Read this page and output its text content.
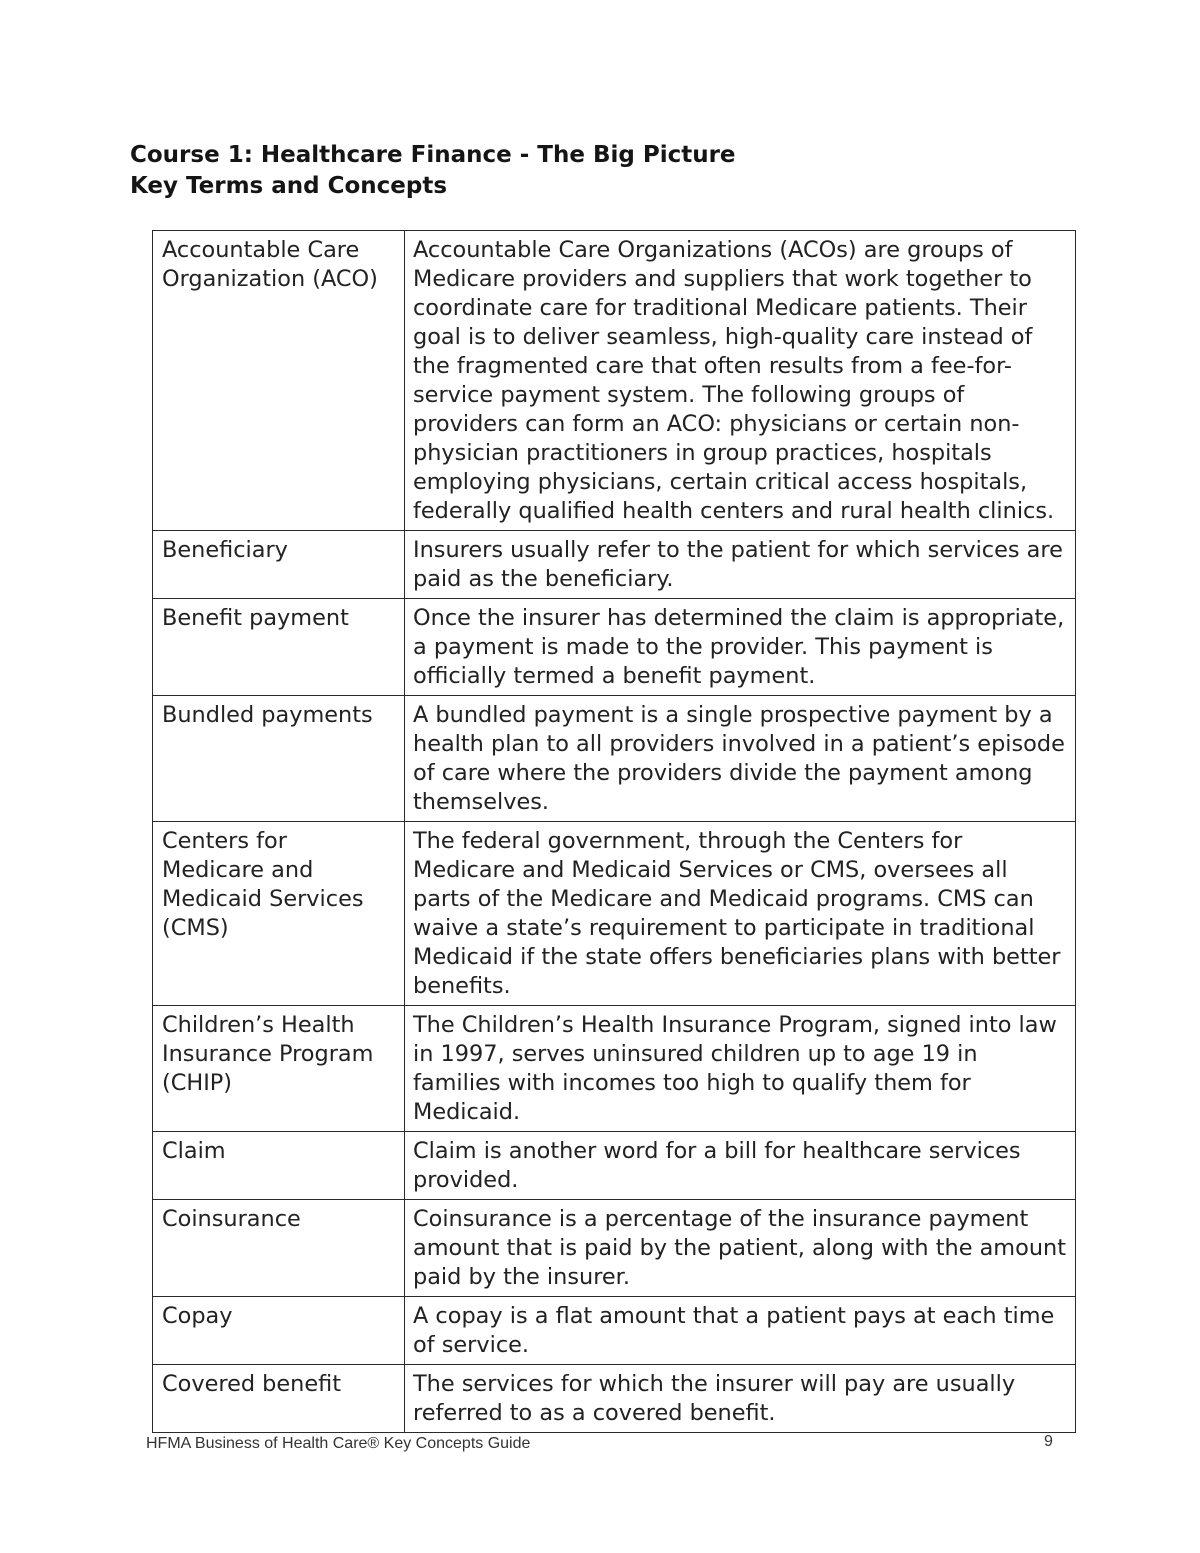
Course 1: Healthcare Finance - The Big Picture
Key Terms and Concepts
Accountable Care Organization (ACO)	Accountable Care Organizations (ACOs) are groups of Medicare providers and suppliers that work together to coordinate care for traditional Medicare patients. Their goal is to deliver seamless, high-quality care instead of the fragmented care that often results from a fee-for-service payment system. The following groups of providers can form an ACO: physicians or certain non-physician practitioners in group practices, hospitals employing physicians, certain critical access hospitals, federally qualified health centers and rural health clinics.
Beneficiary	Insurers usually refer to the patient for which services are paid as the beneficiary.
Benefit payment	Once the insurer has determined the claim is appropriate, a payment is made to the provider. This payment is officially termed a benefit payment.
Bundled payments	A bundled payment is a single prospective payment by a health plan to all providers involved in a patient’s episode of care where the providers divide the payment among themselves.
Centers for Medicare and Medicaid Services (CMS)	The federal government, through the Centers for Medicare and Medicaid Services or CMS, oversees all parts of the Medicare and Medicaid programs. CMS can waive a state’s requirement to participate in traditional Medicaid if the state offers beneficiaries plans with better benefits.
Children’s Health Insurance Program (CHIP)	The Children’s Health Insurance Program, signed into law in 1997, serves uninsured children up to age 19 in families with incomes too high to qualify them for Medicaid.
Claim	Claim is another word for a bill for healthcare services provided.
Coinsurance	Coinsurance is a percentage of the insurance payment amount that is paid by the patient, along with the amount paid by the insurer.
Copay	A copay is a flat amount that a patient pays at each time of service.
Covered benefit	The services for which the insurer will pay are usually referred to as a covered benefit.
HFMA Business of Health Care® Key Concepts Guide	9
